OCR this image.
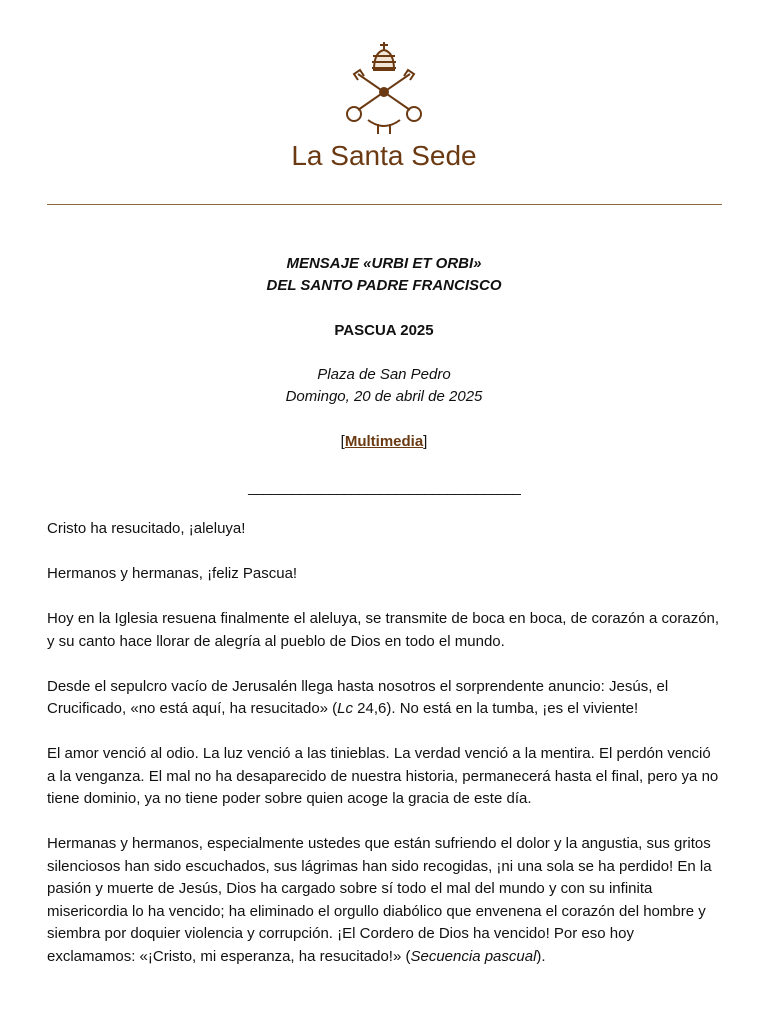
La Santa Sede
MENSAJE «URBI ET ORBI»
DEL SANTO PADRE FRANCISCO
PASCUA 2025
Plaza de San Pedro
Domingo, 20 de abril de 2025
[Multimedia]
_____________________________________

Cristo ha resucitado, ¡aleluya!

Hermanos y hermanas, ¡feliz Pascua!

Hoy en la Iglesia resuena finalmente el aleluya, se transmite de boca en boca, de corazón a corazón, y su canto hace llorar de alegría al pueblo de Dios en todo el mundo.

Desde el sepulcro vacío de Jerusalén llega hasta nosotros el sorprendente anuncio: Jesús, el Crucificado, «no está aquí, ha resucitado» (Lc 24,6). No está en la tumba, ¡es el viviente!

El amor venció al odio. La luz venció a las tinieblas. La verdad venció a la mentira. El perdón venció a la venganza. El mal no ha desaparecido de nuestra historia, permanecerá hasta el final, pero ya no tiene dominio, ya no tiene poder sobre quien acoge la gracia de este día.

Hermanas y hermanos, especialmente ustedes que están sufriendo el dolor y la angustia, sus gritos silenciosos han sido escuchados, sus lágrimas han sido recogidas, ¡ni una sola se ha perdido! En la pasión y muerte de Jesús, Dios ha cargado sobre sí todo el mal del mundo y con su infinita misericordia lo ha vencido; ha eliminado el orgullo diabólico que envenena el corazón del hombre y siembra por doquier violencia y corrupción. ¡El Cordero de Dios ha vencido! Por eso hoy exclamamos: «¡Cristo, mi esperanza, ha resucitado!» (Secuencia pascual).
